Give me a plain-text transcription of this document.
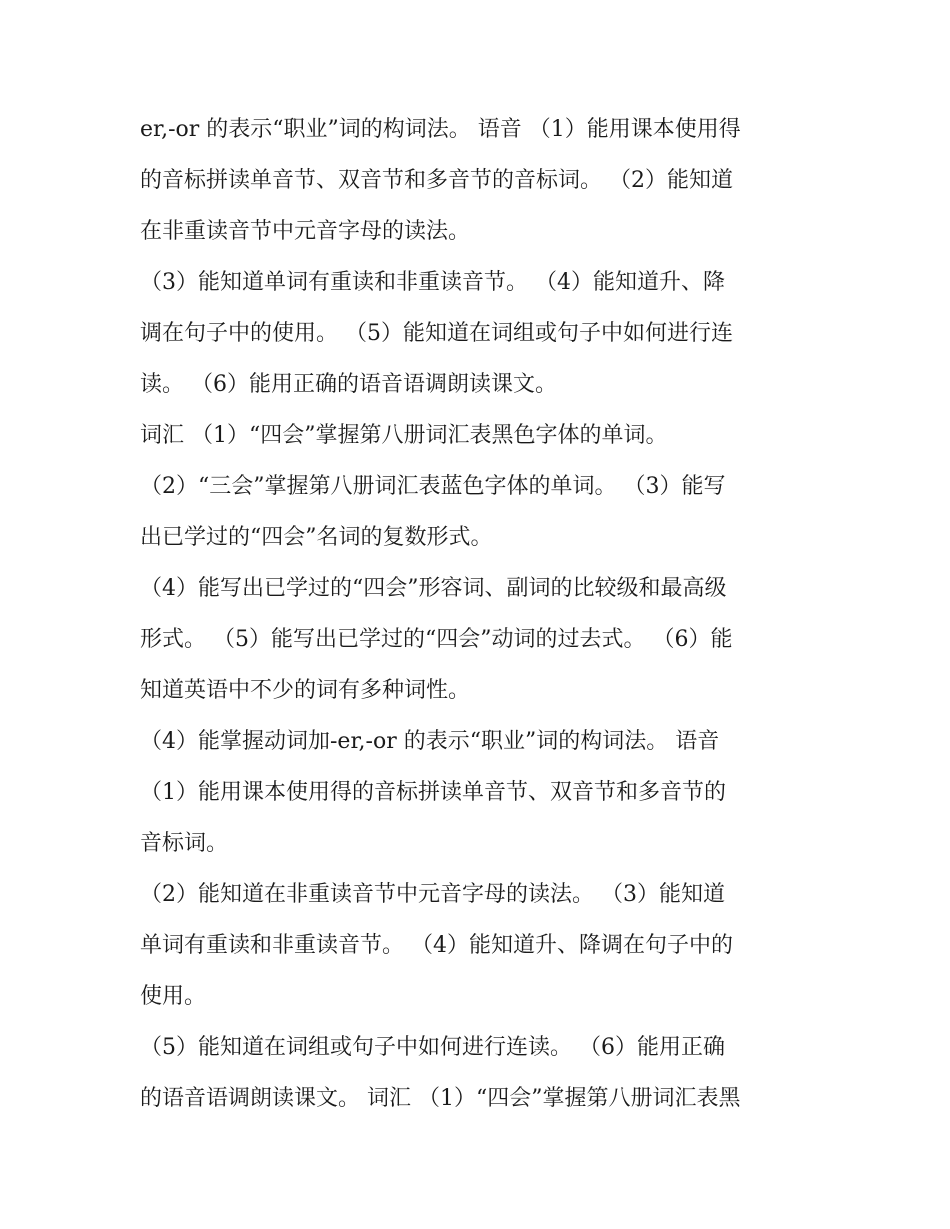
er,-or 的表示“职业”词的构词法。 语音 （1）能用课本使用得
的音标拼读单音节、双音节和多音节的音标词。 （2）能知道
在非重读音节中元音字母的读法。
（3）能知道单词有重读和非重读音节。 （4）能知道升、降
调在句子中的使用。 （5）能知道在词组或句子中如何进行连
读。 （6）能用正确的语音语调朗读课文。
词汇 （1）“四会”掌握第八册词汇表黑色字体的单词。
（2）“三会”掌握第八册词汇表蓝色字体的单词。 （3）能写
出已学过的“四会”名词的复数形式。
（4）能写出已学过的“四会”形容词、副词的比较级和最高级
形式。 （5）能写出已学过的“四会”动词的过去式。 （6）能
知道英语中不少的词有多种词性。
（4）能掌握动词加-er,-or 的表示“职业”词的构词法。 语音
（1）能用课本使用得的音标拼读单音节、双音节和多音节的
音标词。
（2）能知道在非重读音节中元音字母的读法。 （3）能知道
单词有重读和非重读音节。 （4）能知道升、降调在句子中的
使用。
（5）能知道在词组或句子中如何进行连读。 （6）能用正确
的语音语调朗读课文。 词汇 （1）“四会”掌握第八册词汇表黑
